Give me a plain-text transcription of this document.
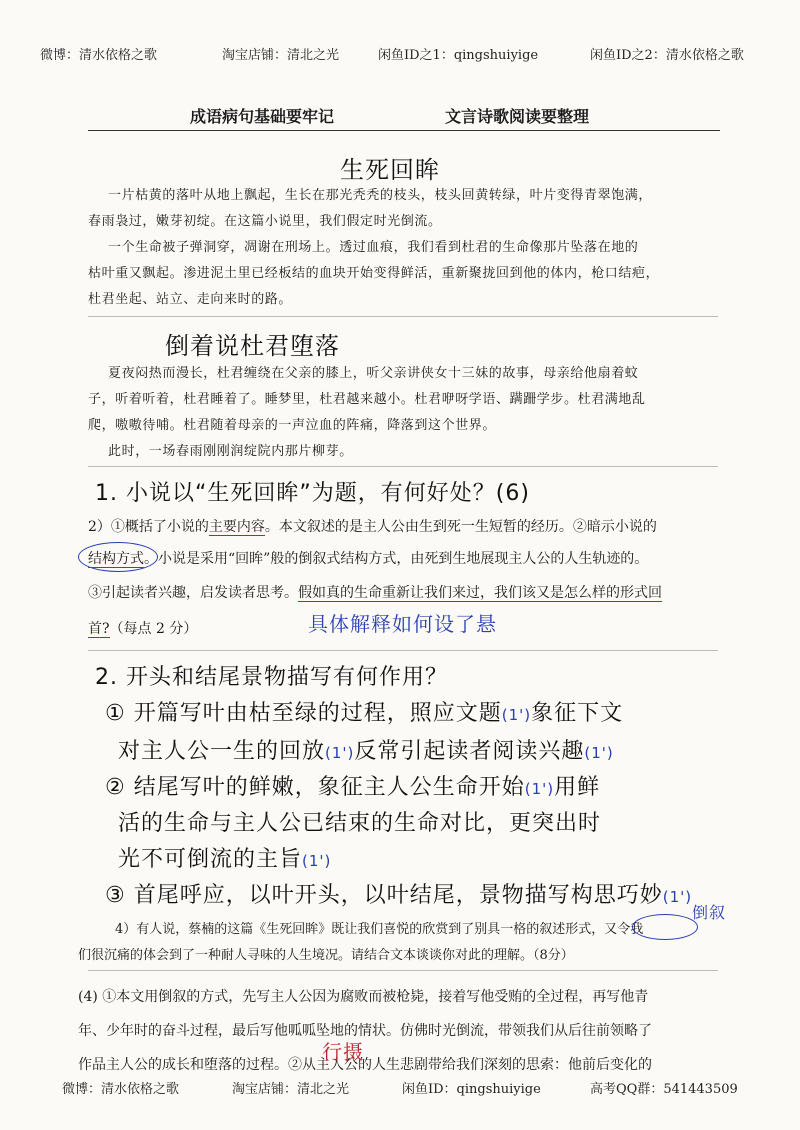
微博：清水依格之歌	淘宝店铺：清北之光	闲鱼ID之1：qingshuiyige	闲鱼ID之2：清水依格之歌
成语病句基础要牢记	文言诗歌阅读要整理
生死回眸
一片枯黄的落叶从地上飘起，生长在那光秃秃的枝头，枝头回黄转绿，叶片变得青翠饱满，
春雨袅过，嫩芽初绽。在这篇小说里，我们假定时光倒流。
一个生命被子弹洞穿，凋谢在刑场上。透过血痕，我们看到杜君的生命像那片坠落在地的
枯叶重又飘起。渗进泥土里已经板结的血块开始变得鲜活，重新聚拢回到他的体内，枪口结疤，
杜君坐起、站立、走向来时的路。
倒着说杜君堕落
夏夜闷热而漫长，杜君缠绕在父亲的膝上，听父亲讲侠女十三妹的故事，母亲给他扇着蚊
子，听着听着，杜君睡着了。睡梦里，杜君越来越小。杜君咿呀学语、蹒跚学步。杜君满地乱
爬，嗷嗷待哺。杜君随着母亲的一声泣血的阵痛，降落到这个世界。
此时，一场春雨刚刚润绽院内那片柳芽。
1. 小说以“生死回眸”为题，有何好处？(6)
2）①概括了小说的主要内容。本文叙述的是主人公由生到死一生短暂的经历。②暗示小说的
结构方式。小说是采用“回眸”般的倒叙式结构方式，由死到生地展现主人公的人生轨迹的。
③引起读者兴趣，启发读者思考。假如真的生命重新让我们来过，我们该又是怎么样的形式回
首?（每点 2 分）	具体解释如何设了悬
2. 开头和结尾景物描写有何作用？
① 开篇写叶由枯至绿的过程，照应文题(1')象征下文
对主人公一生的回放(1')反常引起读者阅读兴趣(1')
② 结尾写叶的鲜嫩，象征主人公生命开始(1')用鲜
活的生命与主人公已结束的生命对比，更突出时
光不可倒流的主旨(1')
③ 首尾呼应，以叶开头，以叶结尾，景物描写构思巧妙(1')
4）有人说，蔡楠的这篇《生死回眸》既让我们喜悦的欣赏到了别具一格的叙述形式，又令我
倒叙
们很沉痛的体会到了一种耐人寻味的人生境况。请结合文本谈谈你对此的理解。（8分）
(4) ①本文用倒叙的方式，先写主人公因为腐败而被枪毙，接着写他受贿的全过程，再写他青
年、少年时的奋斗过程，最后写他呱呱坠地的情状。仿佛时光倒流，带领我们从后往前领略了
作品主人公的成长和堕落的过程。②从主人公的人生悲剧带给我们深刻的思索：他前后变化的
行摄
微博：清水依格之歌	淘宝店铺：清北之光	闲鱼ID：qingshuiyige	高考QQ群：541443509
